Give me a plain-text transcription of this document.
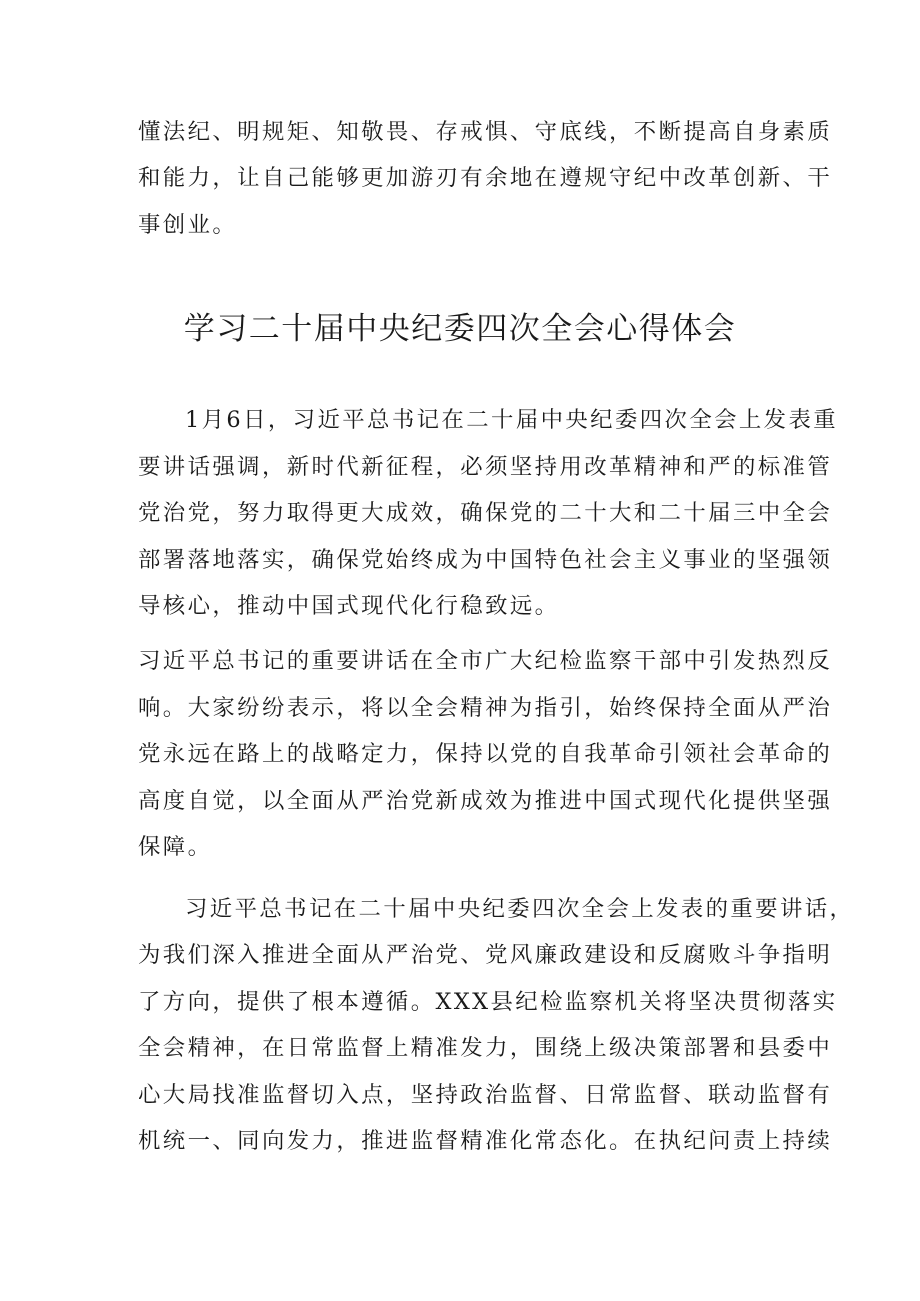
懂法纪、明规矩、知敬畏、存戒惧、守底线，不断提高自身素质
和能力，让自己能够更加游刃有余地在遵规守纪中改革创新、干
事创业。
学习二十届中央纪委四次全会心得体会
1月6日，习近平总书记在二十届中央纪委四次全会上发表重
要讲话强调，新时代新征程，必须坚持用改革精神和严的标准管
党治党，努力取得更大成效，确保党的二十大和二十届三中全会
部署落地落实，确保党始终成为中国特色社会主义事业的坚强领
导核心，推动中国式现代化行稳致远。
习近平总书记的重要讲话在全市广大纪检监察干部中引发热烈反
响。大家纷纷表示，将以全会精神为指引，始终保持全面从严治
党永远在路上的战略定力，保持以党的自我革命引领社会革命的
高度自觉，以全面从严治党新成效为推进中国式现代化提供坚强
保障。
习近平总书记在二十届中央纪委四次全会上发表的重要讲话，
为我们深入推进全面从严治党、党风廉政建设和反腐败斗争指明
了方向，提供了根本遵循。XXX县纪检监察机关将坚决贯彻落实
全会精神，在日常监督上精准发力，围绕上级决策部署和县委中
心大局找准监督切入点，坚持政治监督、日常监督、联动监督有
机统一、同向发力，推进监督精准化常态化。在执纪问责上持续
